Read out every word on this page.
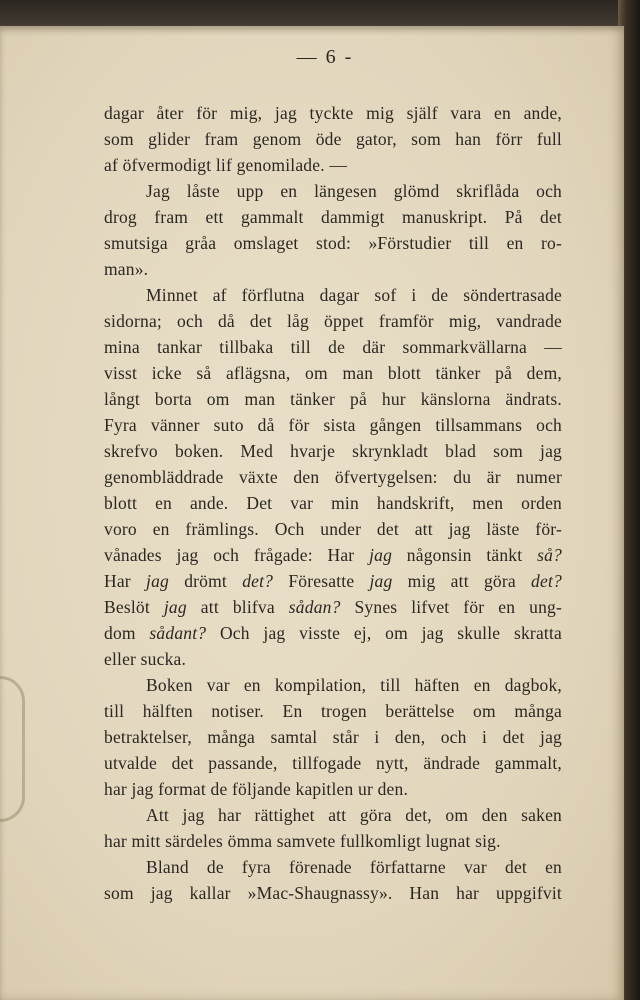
— 6 -
dagar åter för mig, jag tyckte mig själf vara en ande,
som glider fram genom öde gator, som han förr full
af öfvermodigt lif genomilade. —
Jag låste upp en längesen glömd skriflåda och
drog fram ett gammalt dammigt manuskript. På det
smutsiga gråa omslaget stod: »Förstudier till en ro-
man».
Minnet af förflutna dagar sof i de söndertrasade
sidorna; och då det låg öppet framför mig, vandrade
mina tankar tillbaka till de där sommarkvällarna —
visst icke så aflägsna, om man blott tänker på dem,
långt borta om man tänker på hur känslorna ändrats.
Fyra vänner suto då för sista gången tillsammans och
skrefvo boken. Med hvarje skrynkladt blad som jag
genombläddrade växte den öfvertygelsen: du är numer
blott en ande. Det var min handskrift, men orden
voro en främlings. Och under det att jag läste för-
vånades jag och frågade: Har jag någonsin tänkt så?
Har jag drömt det? Föresatte jag mig att göra det?
Beslöt jag att blifva sådan? Synes lifvet för en ung-
dom sådant? Och jag visste ej, om jag skulle skratta
eller sucka.
Boken var en kompilation, till häften en dagbok,
till hälften notiser. En trogen berättelse om många
betraktelser, många samtal står i den, och i det jag
utvalde det passande, tillfogade nytt, ändrade gammalt,
har jag format de följande kapitlen ur den.
Att jag har rättighet att göra det, om den saken
har mitt särdeles ömma samvete fullkomligt lugnat sig.
Bland de fyra förenade författarne var det en
som jag kallar »Mac-Shaugnassy». Han har uppgifvit
